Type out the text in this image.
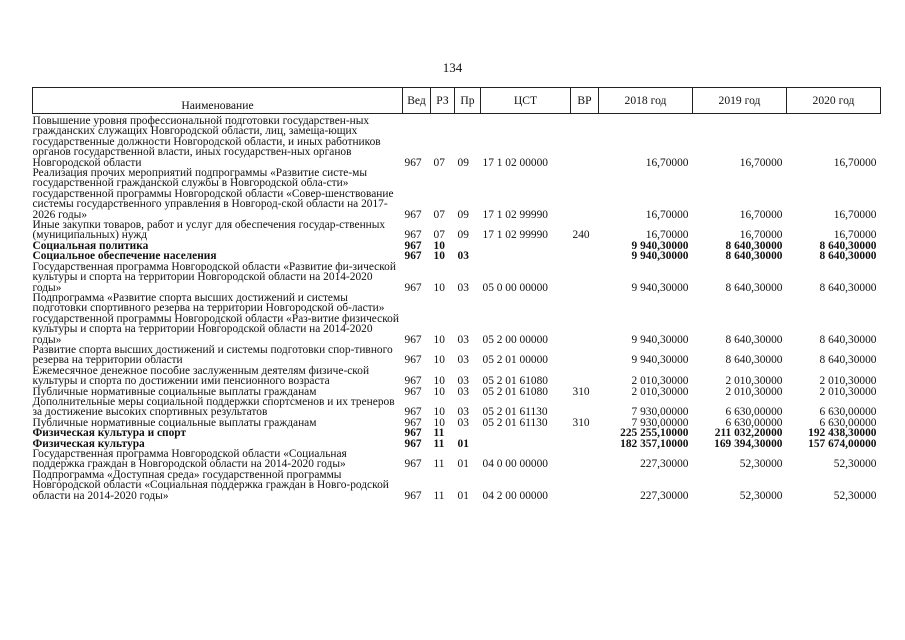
134
Наименование	Вед	РЗ	Пр	ЦСТ	ВР	2018 год	2019 год	2020 год
Повышение уровня профессиональной подготовки государствен-ных гражданских служащих Новгородской области, лиц, замеща-ющих государственные должности Новгородской области, и иных работников органов государственной власти, иных государствен-ных органов Новгородской области	967	07	09	17 1 02 00000		16,70000	16,70000	16,70000
Реализация прочих мероприятий подпрограммы «Развитие систе-мы государственной гражданской службы в Новгородской обла-сти» государственной программы Новгородской области «Совер-шенствование системы государственного управления в Новгород-ской области на 2017-2026 годы»	967	07	09	17 1 02 99990		16,70000	16,70000	16,70000
Иные закупки товаров, работ и услуг для обеспечения государ-ственных (муниципальных) нужд	967	07	09	17 1 02 99990	240	16,70000	16,70000	16,70000
Социальная политика	967	10				9 940,30000	8 640,30000	8 640,30000
Социальное обеспечение населения	967	10	03			9 940,30000	8 640,30000	8 640,30000
Государственная программа Новгородской области «Развитие фи-зической культуры и спорта на территории Новгородской области на 2014-2020 годы»	967	10	03	05 0 00 00000		9 940,30000	8 640,30000	8 640,30000
Подпрограмма «Развитие спорта высших достижений и системы подготовки спортивного резерва на территории Новгородской об-ласти» государственной программы Новгородской области «Раз-витие физической культуры и спорта на территории Новгородской области на 2014-2020 годы»	967	10	03	05 2 00 00000		9 940,30000	8 640,30000	8 640,30000
Развитие спорта высших достижений и системы подготовки спор-тивного резерва на территории области	967	10	03	05 2 01 00000		9 940,30000	8 640,30000	8 640,30000
Ежемесячное денежное пособие заслуженным деятелям физиче-ской культуры и спорта по достижении ими пенсионного возраста	967	10	03	05 2 01 61080		2 010,30000	2 010,30000	2 010,30000
Публичные нормативные социальные выплаты гражданам	967	10	03	05 2 01 61080	310	2 010,30000	2 010,30000	2 010,30000
Дополнительные меры социальной поддержки спортсменов и их тренеров за достижение высоких спортивных результатов	967	10	03	05 2 01 61130		7 930,00000	6 630,00000	6 630,00000
Публичные нормативные социальные выплаты гражданам	967	10	03	05 2 01 61130	310	7 930,00000	6 630,00000	6 630,00000
Физическая культура и спорт	967	11				225 255,10000	211 032,20000	192 438,30000
Физическая культура	967	11	01			182 357,10000	169 394,30000	157 674,00000
Государственная программа Новгородской области «Социальная поддержка граждан в Новгородской области на 2014-2020 годы»	967	11	01	04 0 00 00000		227,30000	52,30000	52,30000
Подпрограмма «Доступная среда» государственной программы Новгородской области «Социальная поддержка граждан в Новго-родской области на 2014-2020 годы»	967	11	01	04 2 00 00000		227,30000	52,30000	52,30000
